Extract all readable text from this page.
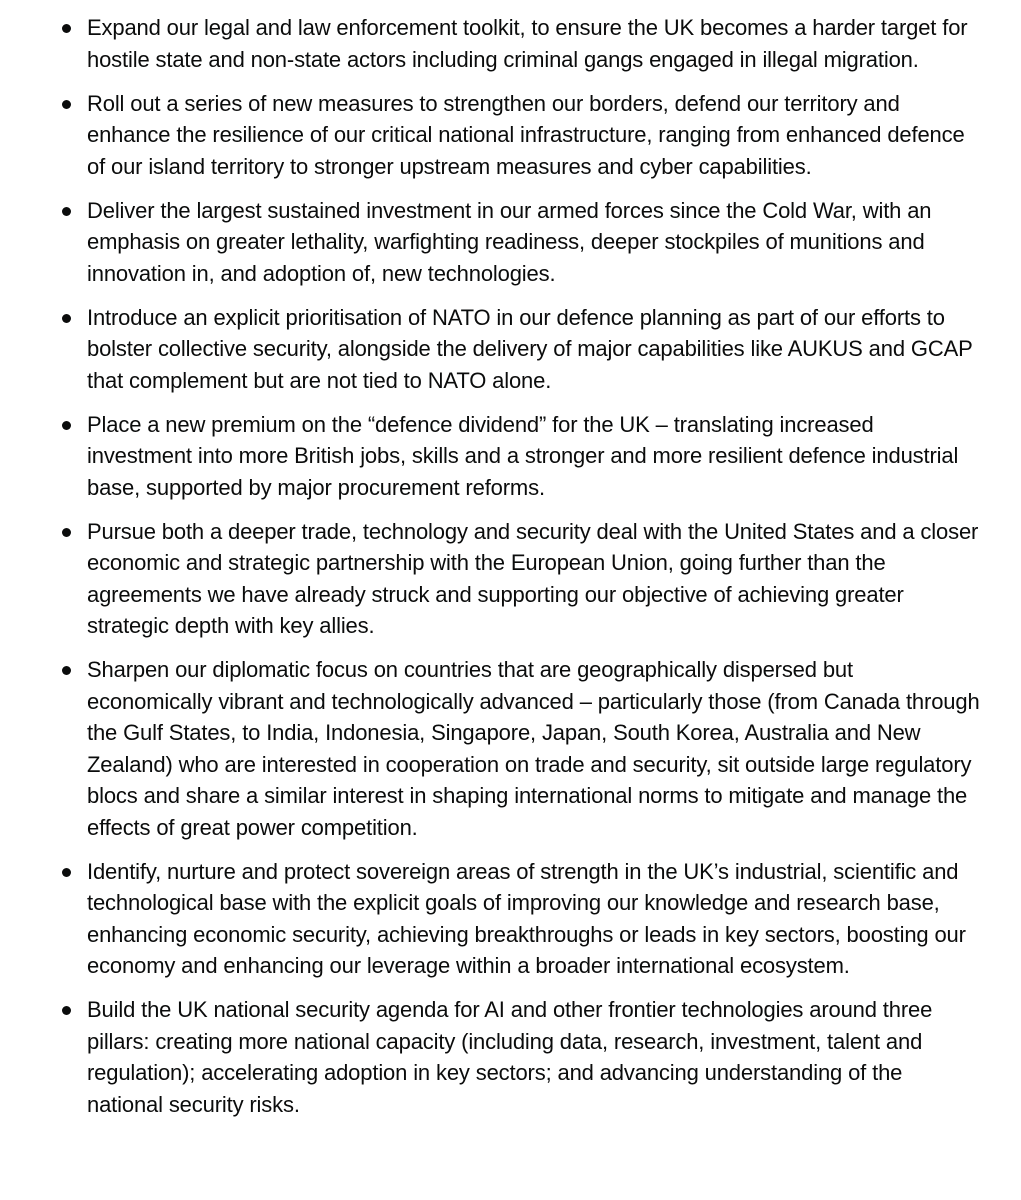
Expand our legal and law enforcement toolkit, to ensure the UK becomes a harder target for hostile state and non-state actors including criminal gangs engaged in illegal migration.
Roll out a series of new measures to strengthen our borders, defend our territory and enhance the resilience of our critical national infrastructure, ranging from enhanced defence of our island territory to stronger upstream measures and cyber capabilities.
Deliver the largest sustained investment in our armed forces since the Cold War, with an emphasis on greater lethality, warfighting readiness, deeper stockpiles of munitions and innovation in, and adoption of, new technologies.
Introduce an explicit prioritisation of NATO in our defence planning as part of our efforts to bolster collective security, alongside the delivery of major capabilities like AUKUS and GCAP that complement but are not tied to NATO alone.
Place a new premium on the “defence dividend” for the UK – translating increased investment into more British jobs, skills and a stronger and more resilient defence industrial base, supported by major procurement reforms.
Pursue both a deeper trade, technology and security deal with the United States and a closer economic and strategic partnership with the European Union, going further than the agreements we have already struck and supporting our objective of achieving greater strategic depth with key allies.
Sharpen our diplomatic focus on countries that are geographically dispersed but economically vibrant and technologically advanced – particularly those (from Canada through the Gulf States, to India, Indonesia, Singapore, Japan, South Korea, Australia and New Zealand) who are interested in cooperation on trade and security, sit outside large regulatory blocs and share a similar interest in shaping international norms to mitigate and manage the effects of great power competition.
Identify, nurture and protect sovereign areas of strength in the UK’s industrial, scientific and technological base with the explicit goals of improving our knowledge and research base, enhancing economic security, achieving breakthroughs or leads in key sectors, boosting our economy and enhancing our leverage within a broader international ecosystem.
Build the UK national security agenda for AI and other frontier technologies around three pillars: creating more national capacity (including data, research, investment, talent and regulation); accelerating adoption in key sectors; and advancing understanding of the national security risks.
